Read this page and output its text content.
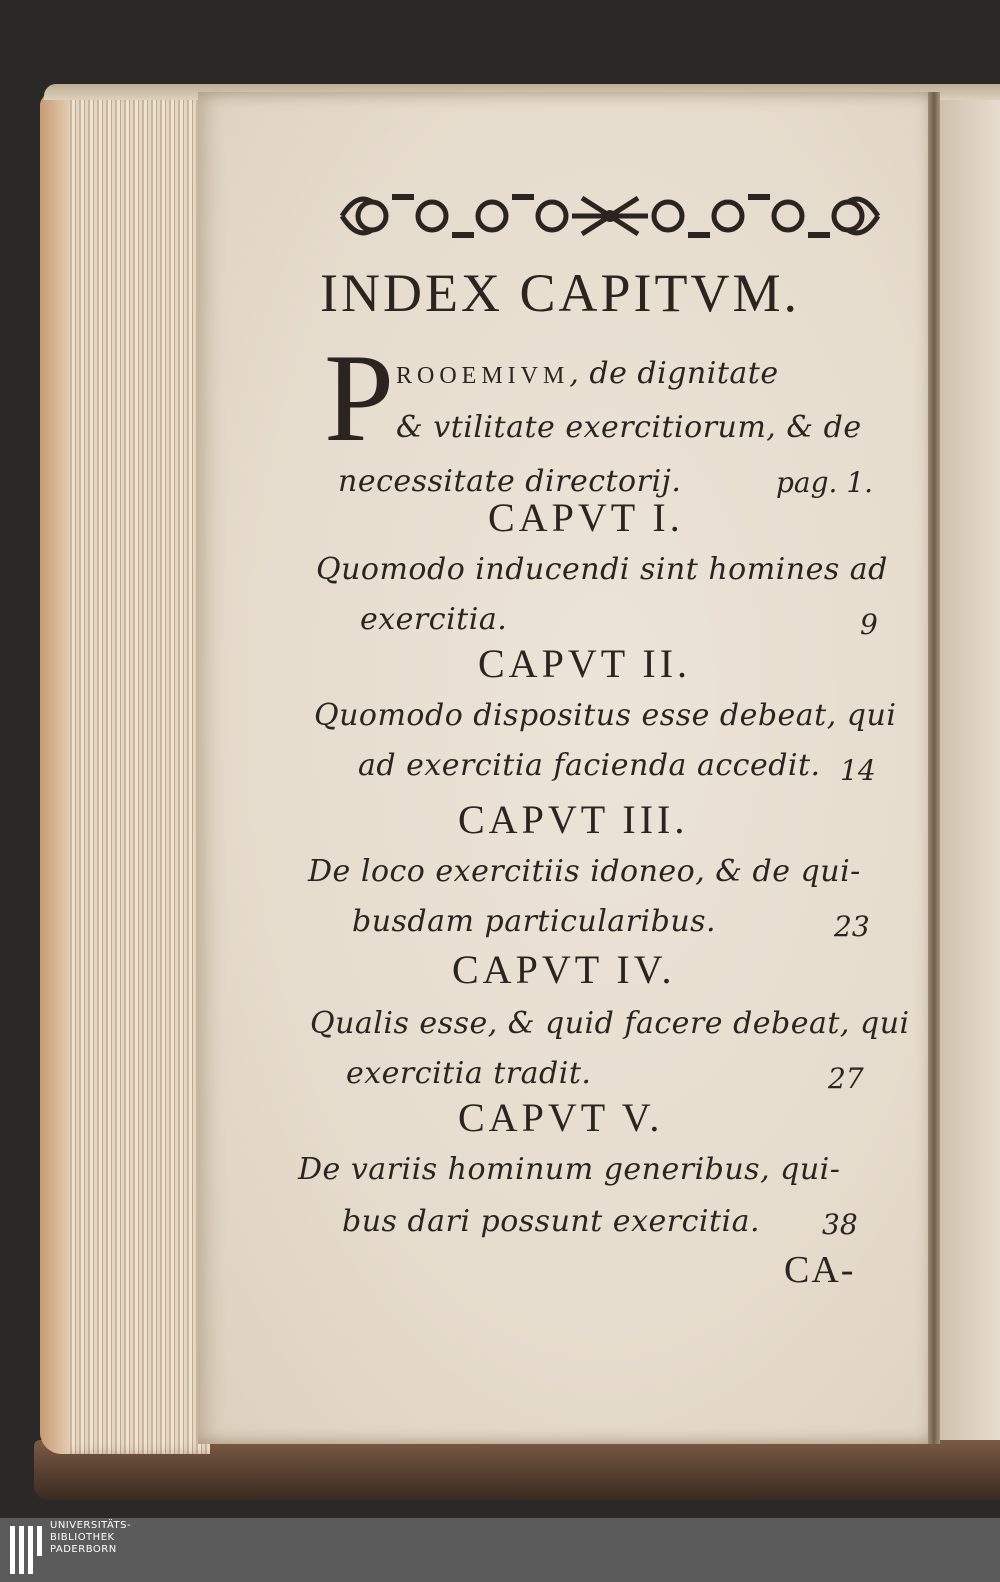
INDEX CAPITVM.
P ROOEMIVM, de dignitate

& vtilitate exercitiorum, & de

necessitate directorij.	pag. 1.
CAPVT I.

Quomodo inducendi sint homines ad

exercitia.	9
CAPVT II.

Quomodo dispositus esse debeat, qui

ad exercitia facienda accedit. 14
CAPVT III.

De loco exercitiis idoneo, & de qui-

busdam particularibus.	23
CAPVT IV.

Qualis esse, & quid facere debeat, qui

exercitia tradit.	27
CAPVT V.

De variis hominum generibus, qui-

bus dari possunt exercitia. 38
CA-
UNIVERSITÄTS-
BIBLIOTHEK
PADERBORN
